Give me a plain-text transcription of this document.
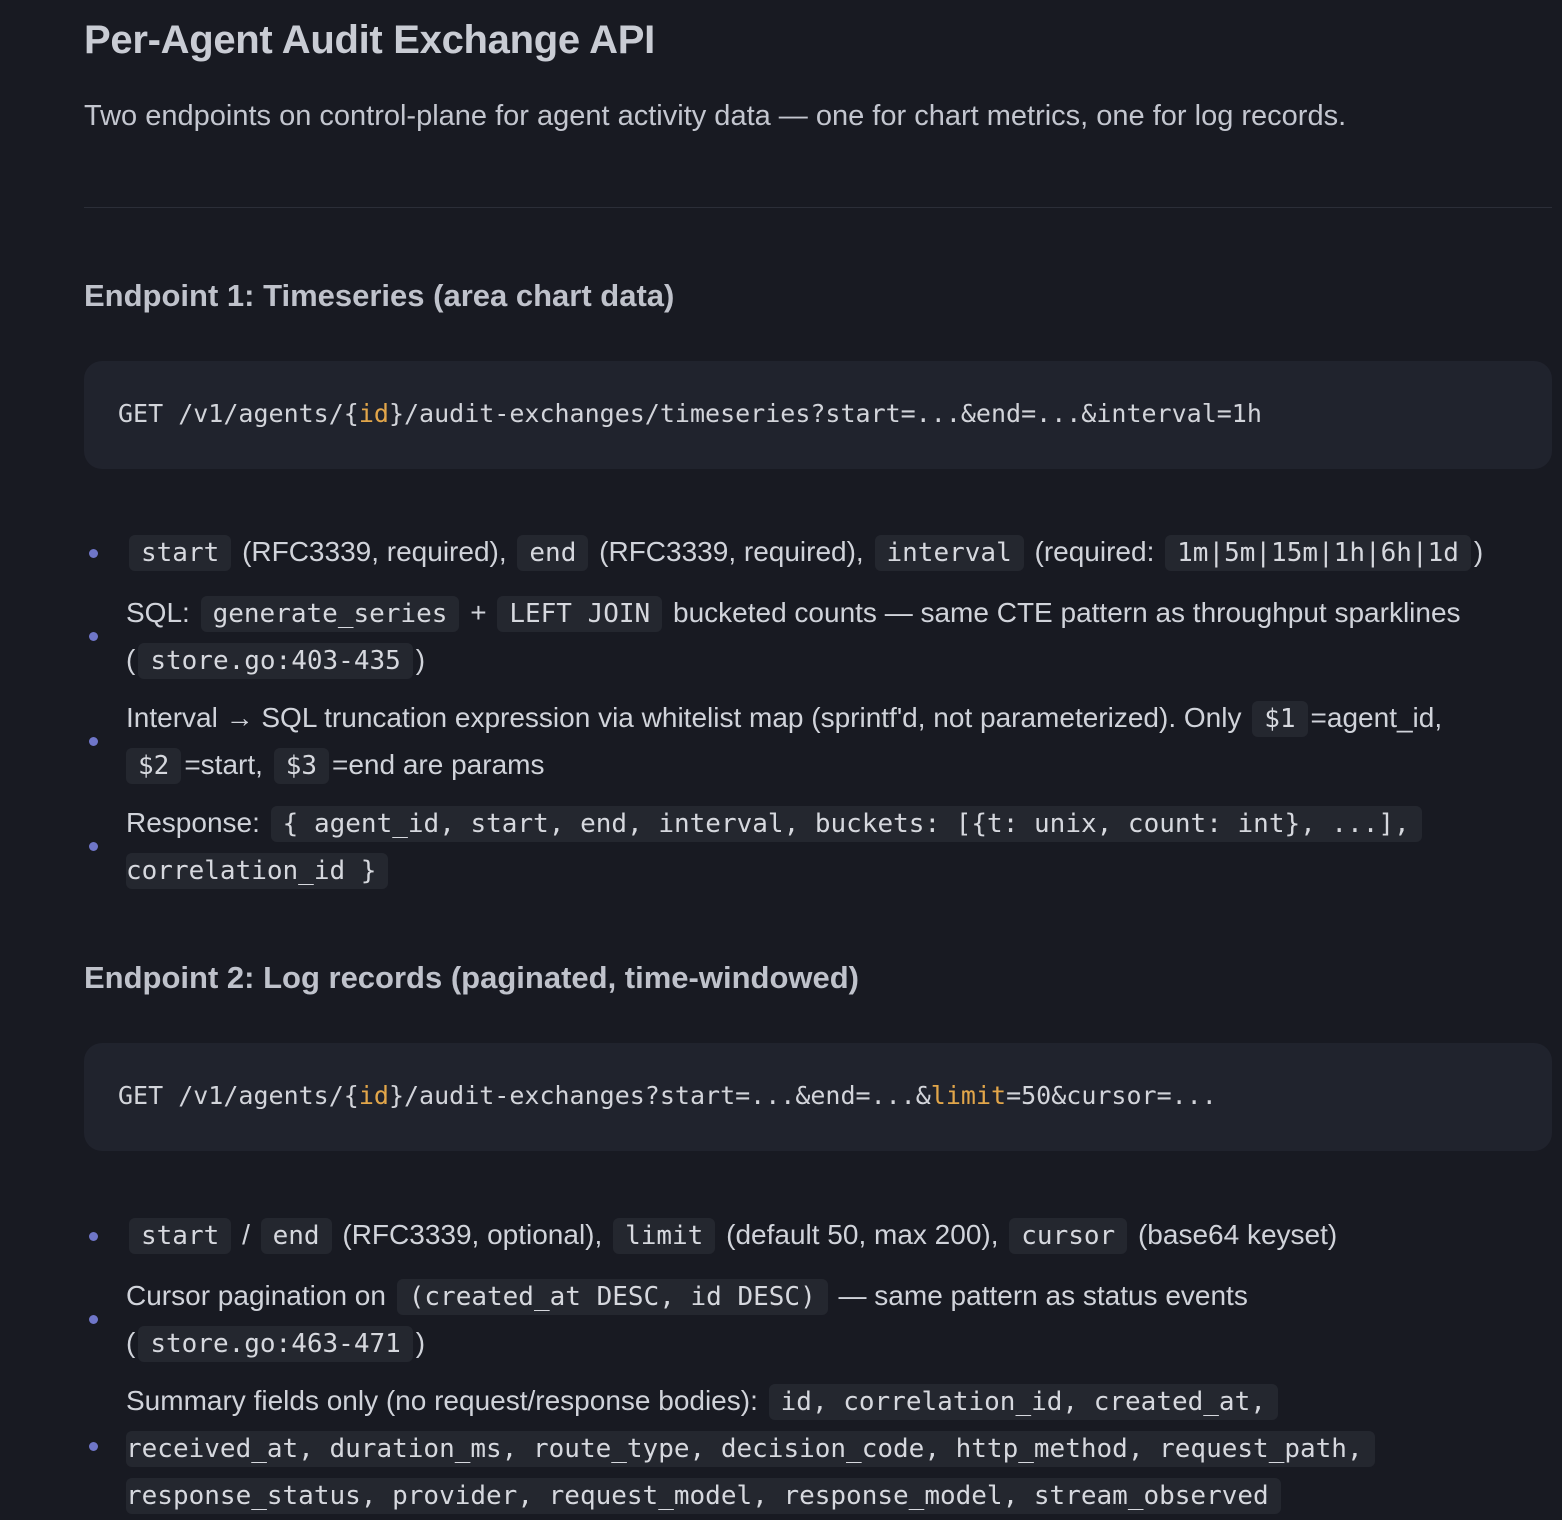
Per-Agent Audit Exchange API

Two endpoints on control-plane for agent activity data — one for chart metrics, one for log records.

Endpoint 1: Timeseries (area chart data)
GET /v1/agents/{id}/audit-exchanges/timeseries?start=...&end=...&interval=1h
start (RFC3339, required), end (RFC3339, required), interval (required: 1m|5m|15m|1h|6h|1d )
SQL: generate_series + LEFT JOIN bucketed counts — same CTE pattern as throughput sparklines
( store.go:403-435 )
Interval → SQL truncation expression via whitelist map (sprintf'd, not parameterized). Only $1 =agent_id,
$2 =start, $3 =end are params
Response: { agent_id, start, end, interval, buckets: [{t: unix, count: int}, ...],
correlation_id }
Endpoint 2: Log records (paginated, time-windowed)
GET /v1/agents/{id}/audit-exchanges?start=...&end=...&limit=50&cursor=...
start / end (RFC3339, optional), limit (default 50, max 200), cursor (base64 keyset)
Cursor pagination on (created_at DESC, id DESC) — same pattern as status events
( store.go:463-471 )
Summary fields only (no request/response bodies): id, correlation_id, created_at,
received_at, duration_ms, route_type, decision_code, http_method, request_path,
response_status, provider, request_model, response_model, stream_observed
